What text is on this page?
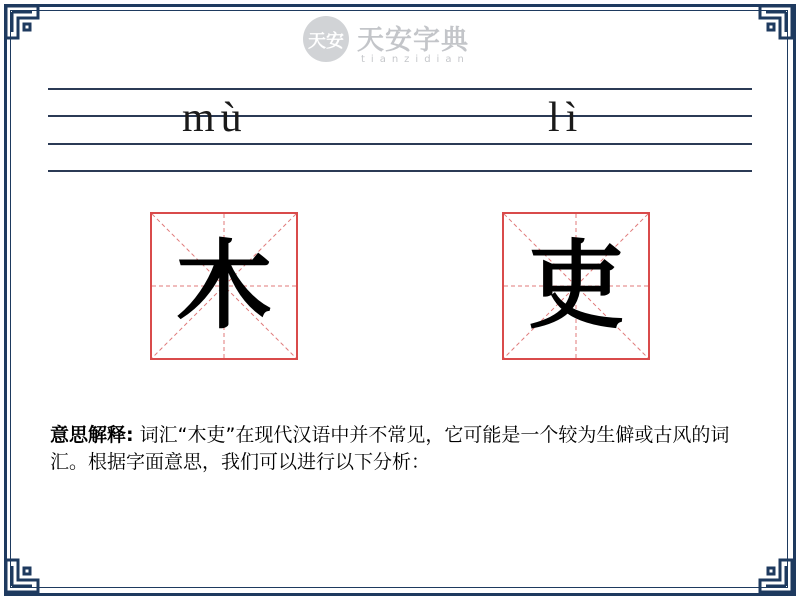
天安 天安字典
tianzidian
mù	lì
木	吏
意思解释: 词汇“木吏”在现代汉语中并不常见，它可能是一个较为生僻或古风的词汇。根据字面意思，我们可以进行以下分析：
